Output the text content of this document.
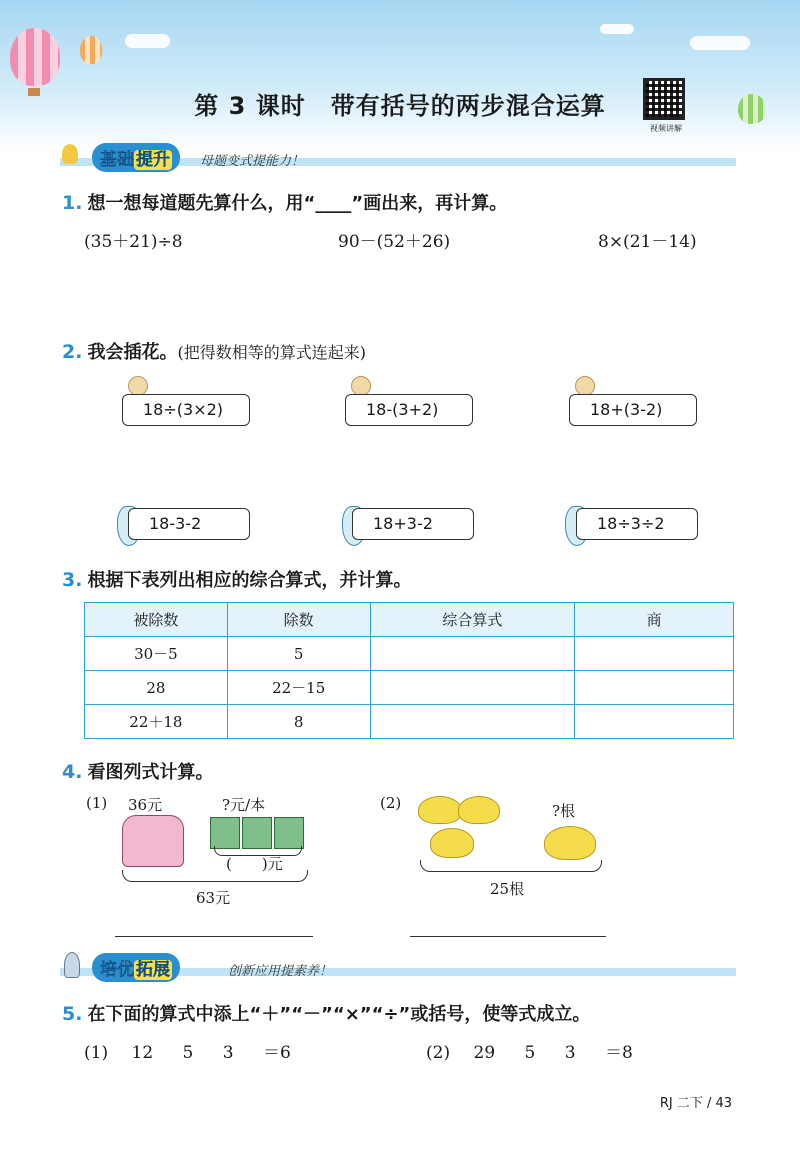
第 3 课时　带有括号的两步混合运算
视频讲解
基础 提升	母题变式提能力！
1. 想一想每道题先算什么，用“____”画出来，再计算。
(35＋21)÷8	90－(52＋26)	8×(21－14)
2. 我会插花。(把得数相等的算式连起来)
18÷(3×2)	18-(3+2)	18+(3-2)
18-3-2	18+3-2	18÷3÷2
3. 根据下表列出相应的综合算式，并计算。
被除数	除数	综合算式	商
30－5	5		
28	22－15		
22＋18	8		
4. 看图列式计算。
(1) 36元	?元/本
(　　)元
63元
(2)	?根
25根
培优 拓展	创新应用提素养！
5. 在下面的算式中添上“＋”“－”“×”“÷”或括号，使等式成立。
(1) 12 5 3 ＝6	(2) 29 5 3 ＝8
RJ 二下 / 43
